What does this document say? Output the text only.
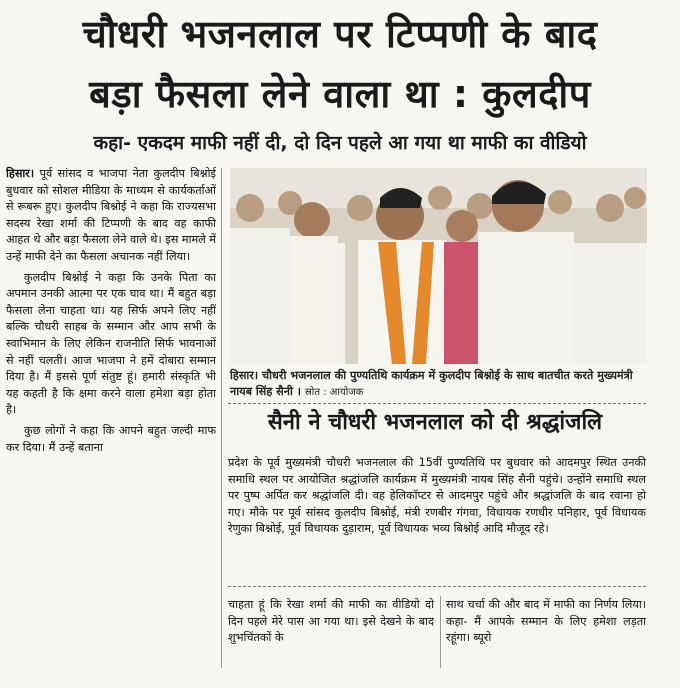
चौधरी भजनलाल पर टिप्पणी के बाद
बड़ा फैसला लेने वाला था : कुलदीप
कहा- एकदम माफी नहीं दी, दो दिन पहले आ गया था माफी का वीडियो

हिसार। पूर्व सांसद व भाजपा नेता कुलदीप बिश्नोई बुधवार को सोशल मीडिया के माध्यम से कार्यकर्ताओं से रूबरू हुए। कुलदीप बिश्नोई ने कहा कि राज्यसभा सदस्य रेखा शर्मा की टिप्पणी के बाद वह काफी आहत थे और बड़ा फैसला लेने वाले थे। इस मामले में उन्हें माफी देने का फैसला अचानक नहीं लिया।

कुलदीप बिश्नोई ने कहा कि उनके पिता का अपमान उनकी आत्मा पर एक घाव था। मैं बहुत बड़ा फैसला लेना चाहता था। यह सिर्फ अपने लिए नहीं बल्कि चौधरी साहब के सम्मान और आप सभी के स्वाभिमान के लिए लेकिन राजनीति सिर्फ भावनाओं से नहीं चलती। आज भाजपा ने हमें दोबारा सम्मान दिया है। मैं इससे पूर्ण संतुष्ट हूं। हमारी संस्कृति भी यह कहती है कि क्षमा करने वाला हमेशा बड़ा होता है।

कुछ लोगों ने कहा कि आपने बहुत जल्दी माफ कर दिया। मैं उन्हें बताना

हिसार। चौधरी भजनलाल की पुण्यतिथि कार्यक्रम में कुलदीप बिश्नोई के साथ बातचीत करते मुख्यमंत्री नायब सिंह सैनी । स्रोत : आयोजक
सैनी ने चौधरी भजनलाल को दी श्रद्धांजलि
प्रदेश के पूर्व मुख्यमंत्री चौधरी भजनलाल की 15वीं पुण्यतिथि पर बुधवार को आदमपुर स्थित उनकी समाधि स्थल पर आयोजित श्रद्धांजलि कार्यक्रम में मुख्यमंत्री नायब सिंह सैनी पहुंचे। उन्होंने समाधि स्थल पर पुष्प अर्पित कर श्रद्धांजलि दी। वह हेलिकॉप्टर से आदमपुर पहुंचे और श्रद्धांजलि के बाद रवाना हो गए। मौके पर पूर्व सांसद कुलदीप बिश्नोई, मंत्री रणबीर गंगवा, विधायक रणधीर पनिहार, पूर्व विधायक रेणुका बिश्नोई, पूर्व विधायक दुड़ाराम, पूर्व विधायक भव्य बिश्नोई आदि मौजूद रहे।
चाहता हूं कि रेखा शर्मा की माफी का वीडियो दो दिन पहले मेरे पास आ गया था। इसे देखने के बाद शुभचिंतकों के
साथ चर्चा की और बाद में माफी का निर्णय लिया। कहा- मैं आपके सम्मान के लिए हमेशा लड़ता रहूंगा। ब्यूरो
